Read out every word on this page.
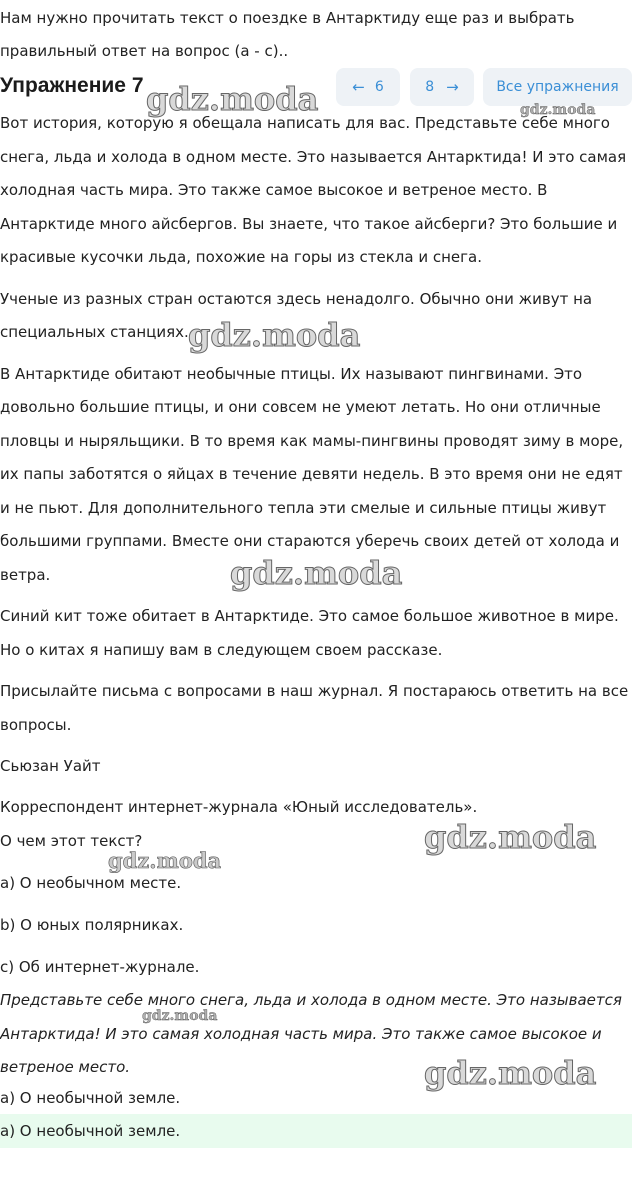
Нам нужно прочитать текст о поездке в Антарктиду еще раз и выбрать правильный ответ на вопрос (a - c)..
Упражнение 7	← 6	8 →	Все упражнения

Вот история, которую я обещала написать для вас. Представьте себе много снега, льда и холода в одном месте. Это называется Антарктида! И это самая холодная часть мира. Это также самое высокое и ветреное место. В Антарктиде много айсбергов. Вы знаете, что такое айсберги? Это большие и красивые кусочки льда, похожие на горы из стекла и снега.

Ученые из разных стран остаются здесь ненадолго. Обычно они живут на специальных станциях.

В Антарктиде обитают необычные птицы. Их называют пингвинами. Это довольно большие птицы, и они совсем не умеют летать. Но они отличные пловцы и ныряльщики. В то время как мамы-пингвины проводят зиму в море, их папы заботятся о яйцах в течение девяти недель. В это время они не едят и не пьют. Для дополнительного тепла эти смелые и сильные птицы живут большими группами. Вместе они стараются уберечь своих детей от холода и ветра.

Синий кит тоже обитает в Антарктиде. Это самое большое животное в мире. Но о китах я напишу вам в следующем своем рассказе.

Присылайте письма с вопросами в наш журнал. Я постараюсь ответить на все вопросы.

Сьюзан Уайт

Корреспондент интернет-журнала «Юный исследователь».
О чем этот текст?
a) О необычном месте.
b) О юных полярниках.
c) Об интернет-журнале.
Представьте себе много снега, льда и холода в одном месте. Это называется Антарктида! И это самая холодная часть мира. Это также самое высокое и ветреное место.
a) О необычной земле.
a) О необычной земле.
gdz.moda	gdz.moda
gdz.moda
gdz.moda
gdz.moda
gdz.moda
gdz.moda
gdz.moda
